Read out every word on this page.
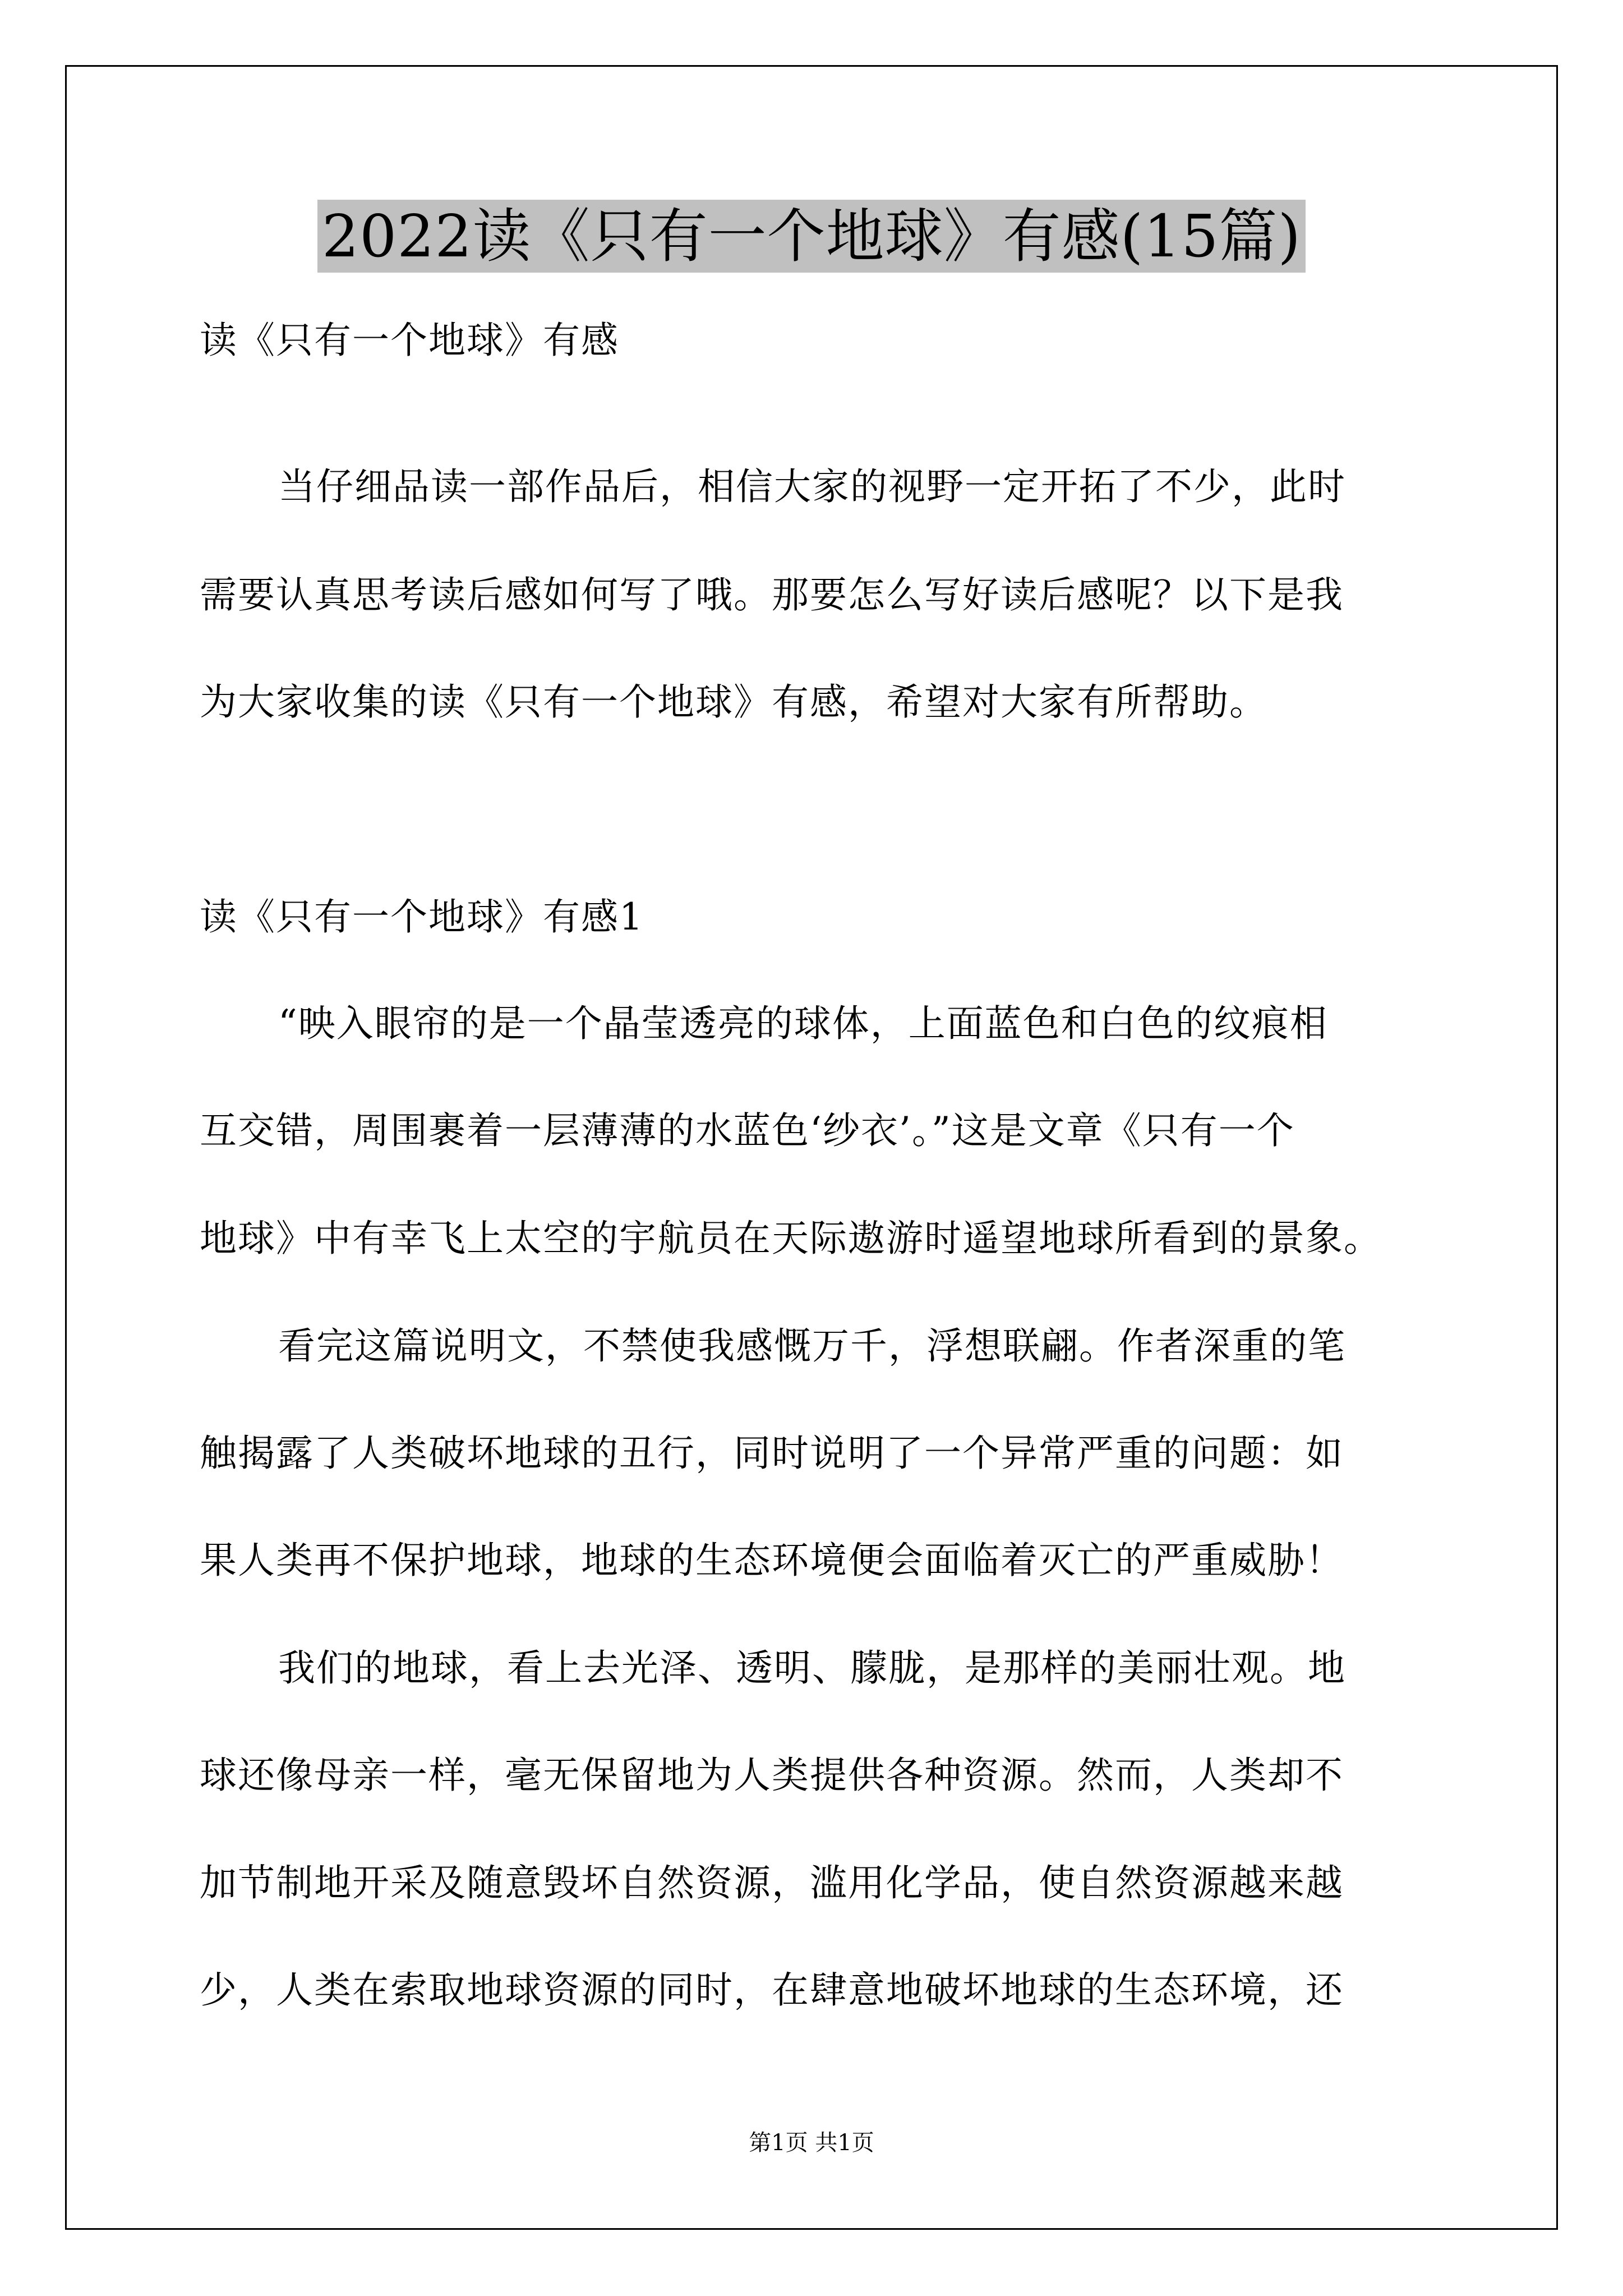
2022读《只有一个地球》有感(15篇)
读《只有一个地球》有感
当仔细品读一部作品后，相信大家的视野一定开拓了不少，此时
需要认真思考读后感如何写了哦。那要怎么写好读后感呢？以下是我
为大家收集的读《只有一个地球》有感，希望对大家有所帮助。
读《只有一个地球》有感1
“映入眼帘的是一个晶莹透亮的球体，上面蓝色和白色的纹痕相
互交错，周围裹着一层薄薄的水蓝色‘纱衣’。”这是文章《只有一个
地球》中有幸飞上太空的宇航员在天际遨游时遥望地球所看到的景象。
看完这篇说明文，不禁使我感慨万千，浮想联翩。作者深重的笔
触揭露了人类破坏地球的丑行，同时说明了一个异常严重的问题：如
果人类再不保护地球，地球的生态环境便会面临着灭亡的严重威胁！
我们的地球，看上去光泽、透明、朦胧，是那样的美丽壮观。地
球还像母亲一样，毫无保留地为人类提供各种资源。然而，人类却不
加节制地开采及随意毁坏自然资源，滥用化学品，使自然资源越来越
少，人类在索取地球资源的同时，在肆意地破坏地球的生态环境，还
第1页 共1页
